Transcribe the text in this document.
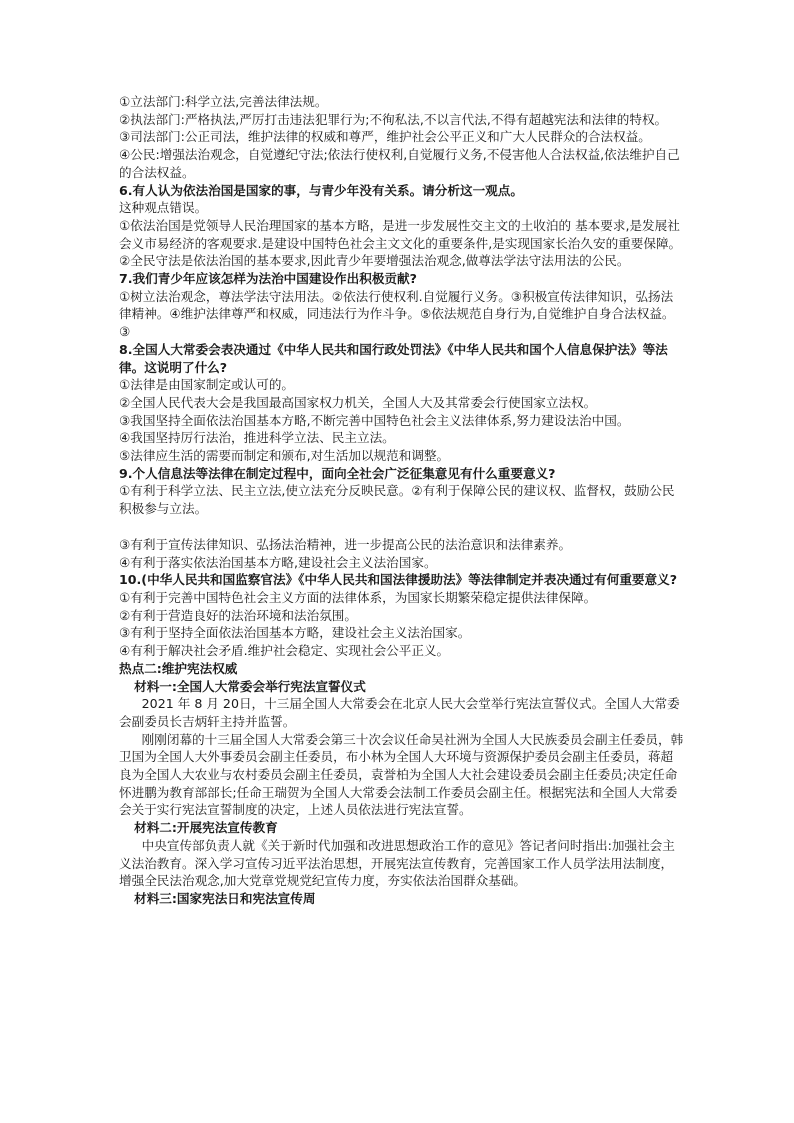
①立法部门:科学立法,完善法律法规。

②执法部门:严格执法,严厉打击违法犯罪行为;不徇私法,不以言代法,不得有超越宪法和法律的特权。

③司法部门:公正司法，维护法律的权威和尊严，维护社会公平正义和广大人民群众的合法权益。

④公民:增强法治观念，自觉遵纪守法;依法行使权利,自觉履行义务,不侵害他人合法权益,依法维护自己的合法权益。

6.有人认为依法治国是国家的事，与青少年没有关系。请分析这一观点。

这种观点错误。

①依法治国是党领导人民治理国家的基本方略，是进一步发展性交主文的土收泊的 基本要求,是发展社会义市易经济的客观要求.是建设中国特色社会主文文化的重要条件,是实现国家长治久安的重要保障。②全民守法是依法治国的基本要求,因此青少年要增强法治观念,做尊法学法守法用法的公民。

7.我们青少年应该怎样为法治中国建设作出积极贡献?

①树立法治观念，尊法学法守法用法。②依法行使权利.自觉履行义务。③积极宣传法律知识，弘扬法律精神。④维护法律尊严和权威，同违法行为作斗争。⑤依法规范自身行为,自觉维护自身合法权益。③

8.全国人大常委会表决通过《中华人民共和国行政处罚法》《中华人民共和国个人信息保护法》等法律。这说明了什么?

①法律是由国家制定或认可的。

②全国人民代表大会是我国最高国家权力机关，全国人大及其常委会行使国家立法权。

③我国坚持全面依法治国基本方略,不断完善中国特色社会主义法律体系,努力建设法治中国。

④我国坚持厉行法治，推进科学立法、民主立法。

⑤法律应生活的需要而制定和颁布,对生活加以规范和调整。

9.个人信息法等法律在制定过程中，面向全社会广泛征集意见有什么重要意义?

①有利于科学立法、民主立法,使立法充分反映民意。②有利于保障公民的建议权、监督权，鼓励公民积极参与立法。

③有利于宣传法律知识、弘扬法治精神，进一步提高公民的法治意识和法律素养。

④有利于落实依法治国基本方略,建设社会主义法治国家。

10.(中华人民共和国监察官法》《中华人民共和国法律援助法》等法律制定并表决通过有何重要意义?

①有利于完善中国特色社会主义方面的法律体系，为国家长期繁荣稳定提供法律保障。

②有利于营造良好的法治环境和法治氛围。

③有利于坚持全面依法治国基本方略，建设社会主义法治国家。

④有利于解决社会矛盾.维护社会稳定、实现社会公平正义。

热点二:维护宪法权威

材料一:全国人大常委会举行宪法宣誓仪式

2021 年 8 月 20日，十三届全国人大常委会在北京人民大会堂举行宪法宣誓仪式。全国人大常委会副委员长吉炳轩主持并监誓。

刚刚闭幕的十三届全国人大常委会第三十次会议任命吴社洲为全国人大民族委员会副主任委员，韩卫国为全国人大外事委员会副主任委员，布小林为全国人大环境与资源保护委员会副主任委员，蒋超良为全国人大农业与农村委员会副主任委员，袁誉柏为全国人大社会建设委员会副主任委员;决定任命怀进鹏为教育部部长;任命王瑞贺为全国人大常委会法制工作委员会副主任。根据宪法和全国人大常委会关于实行宪法宣誓制度的决定，上述人员依法进行宪法宣誓。

材料二:开展宪法宣传教育

中央宣传部负责人就《关于新时代加强和改进思想政治工作的意见》答记者问时指出:加强社会主义法治教育。深入学习宣传习近平法治思想，开展宪法宣传教育，完善国家工作人员学法用法制度，增强全民法治观念,加大党章党规党纪宣传力度，夯实依法治国群众基础。

材料三:国家宪法日和宪法宣传周
